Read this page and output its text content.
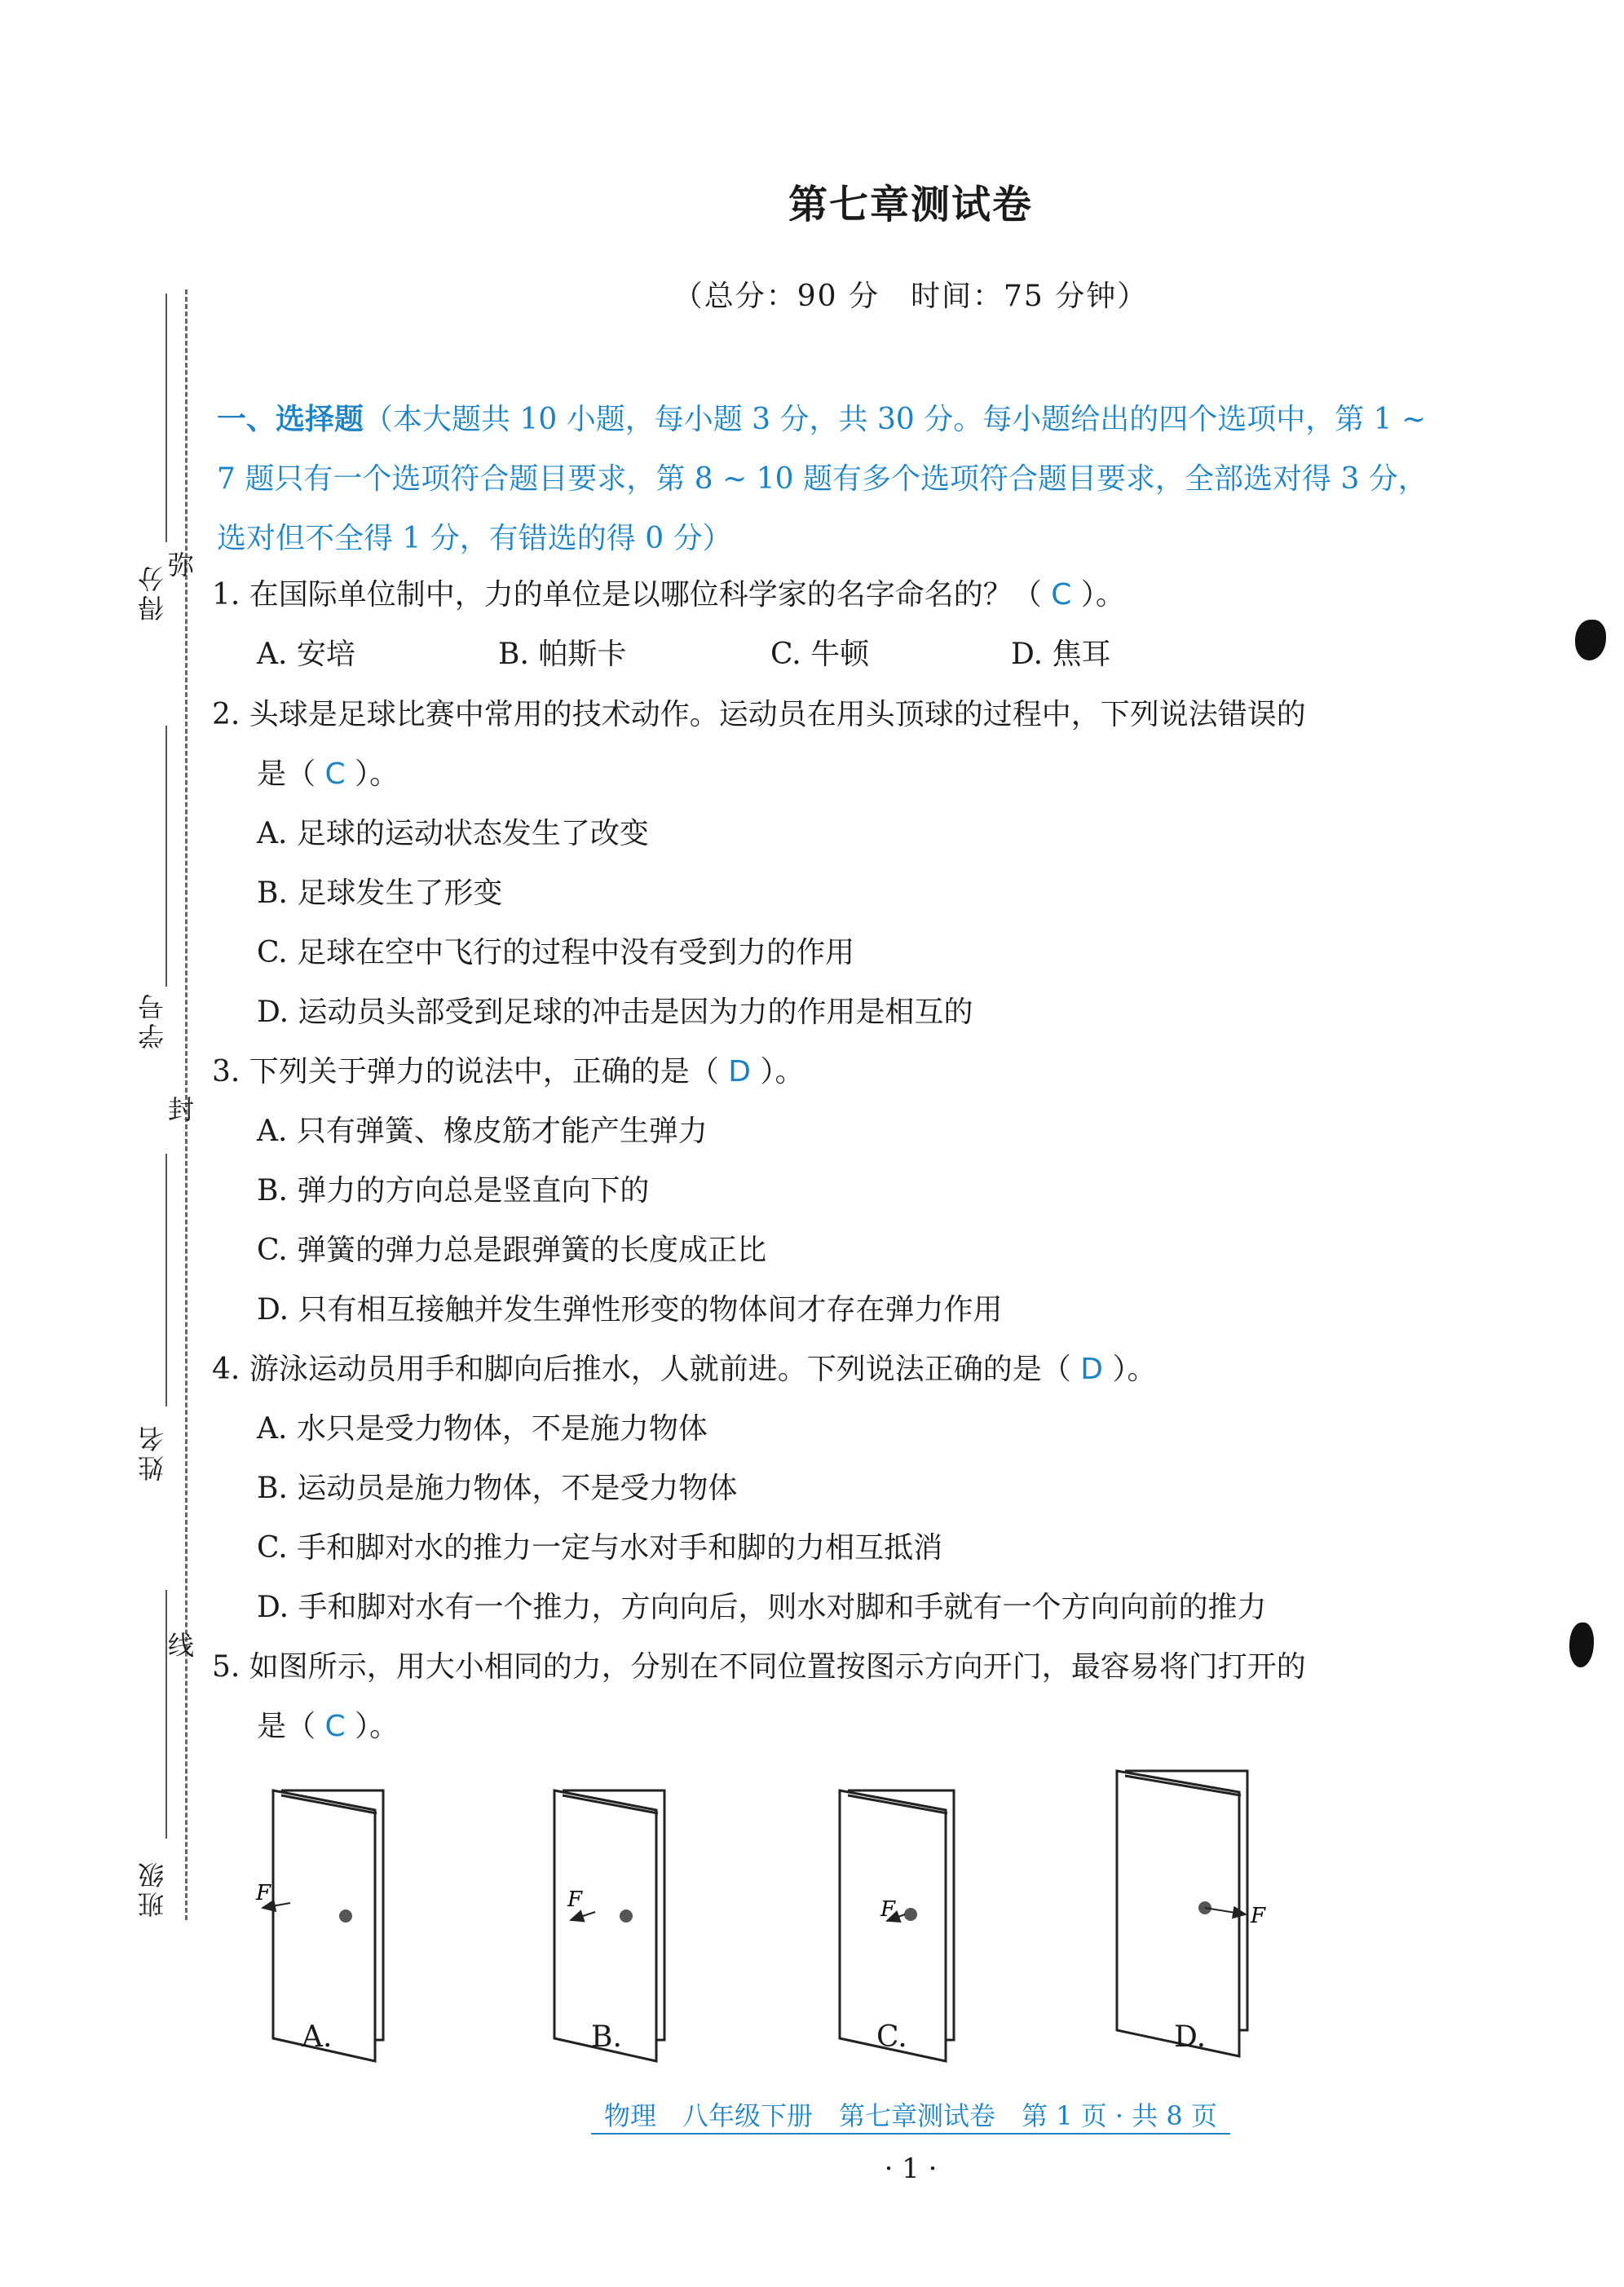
得分
学号
姓名
班级
弥
封
线
第七章测试卷
（总分：90 分　时间：75 分钟）
一、选择题（本大题共 10 小题，每小题 3 分，共 30 分。每小题给出的四个选项中，第 1 ~
7 题只有一个选项符合题目要求，第 8 ~ 10 题有多个选项符合题目要求，全部选对得 3 分，
选对但不全得 1 分，有错选的得 0 分）
1. 在国际单位制中，力的单位是以哪位科学家的名字命名的？（ C ）。
A. 安培	B. 帕斯卡	C. 牛顿	D. 焦耳
2. 头球是足球比赛中常用的技术动作。运动员在用头顶球的过程中，下列说法错误的
是（ C ）。
A. 足球的运动状态发生了改变
B. 足球发生了形变
C. 足球在空中飞行的过程中没有受到力的作用
D. 运动员头部受到足球的冲击是因为力的作用是相互的
3. 下列关于弹力的说法中，正确的是（ D ）。
A. 只有弹簧、橡皮筋才能产生弹力
B. 弹力的方向总是竖直向下的
C. 弹簧的弹力总是跟弹簧的长度成正比
D. 只有相互接触并发生弹性形变的物体间才存在弹力作用
4. 游泳运动员用手和脚向后推水，人就前进。下列说法正确的是（ D ）。
A. 水只是受力物体，不是施力物体
B. 运动员是施力物体，不是受力物体
C. 手和脚对水的推力一定与水对手和脚的力相互抵消
D. 手和脚对水有一个推力，方向向后，则水对脚和手就有一个方向向前的推力
5. 如图所示，用大小相同的力，分别在不同位置按图示方向开门，最容易将门打开的
是（ C ）。
F	F	F	F
A.	B.	C.	D.
物理　八年级下册　第七章测试卷　第 1 页 · 共 8 页
· 1 ·
